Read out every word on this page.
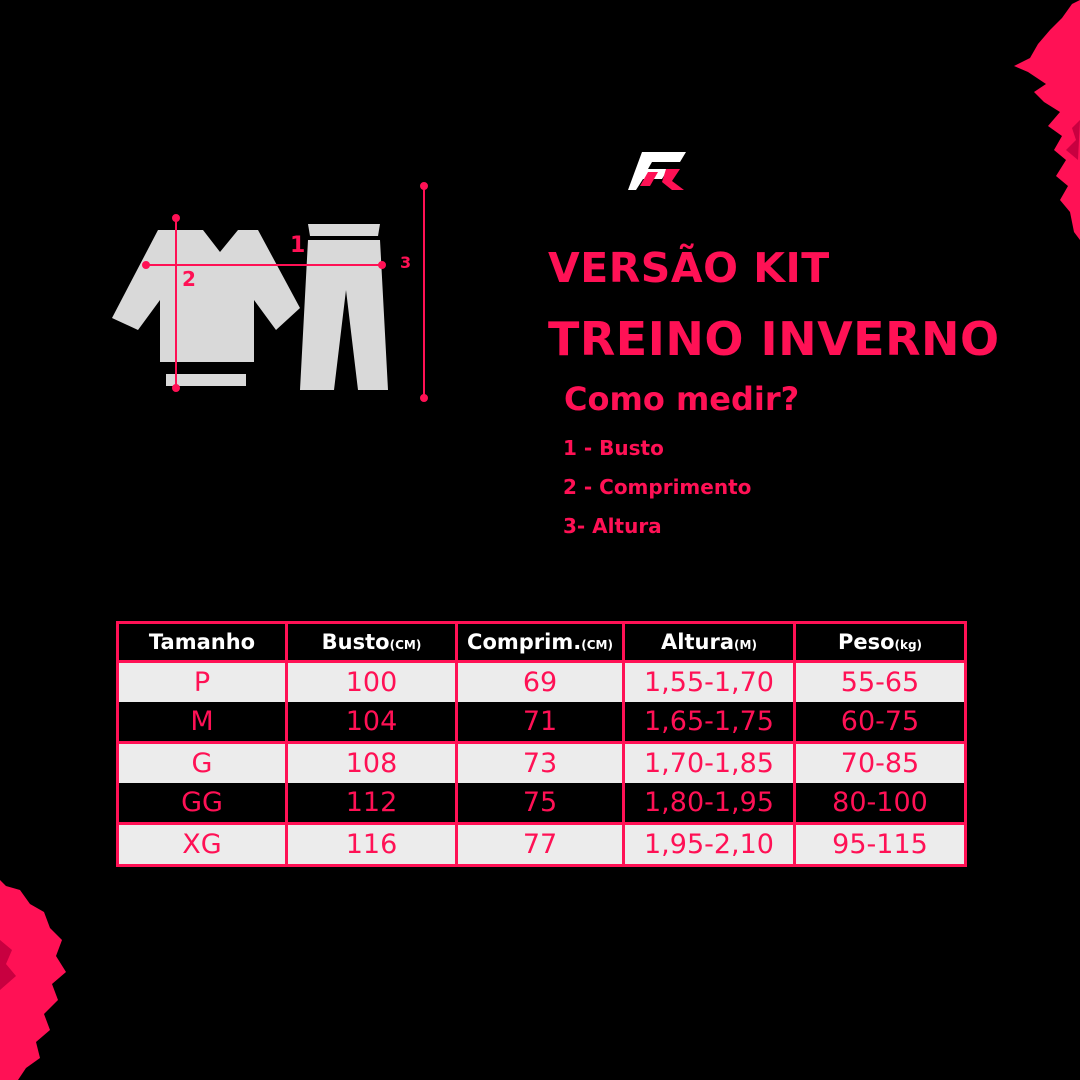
1
2
3	VERSÃO KIT
TREINO INVERNO
Como medir?
1 - Busto
2 - Comprimento
3- Altura
Tamanho	Busto(CM)	Comprim.(CM)	Altura(M)	Peso(kg)
P	100	69	1,55-1,70	55-65
M	104	71	1,65-1,75	60-75
G	108	73	1,70-1,85	70-85
GG	112	75	1,80-1,95	80-100
XG	116	77	1,95-2,10	95-115
